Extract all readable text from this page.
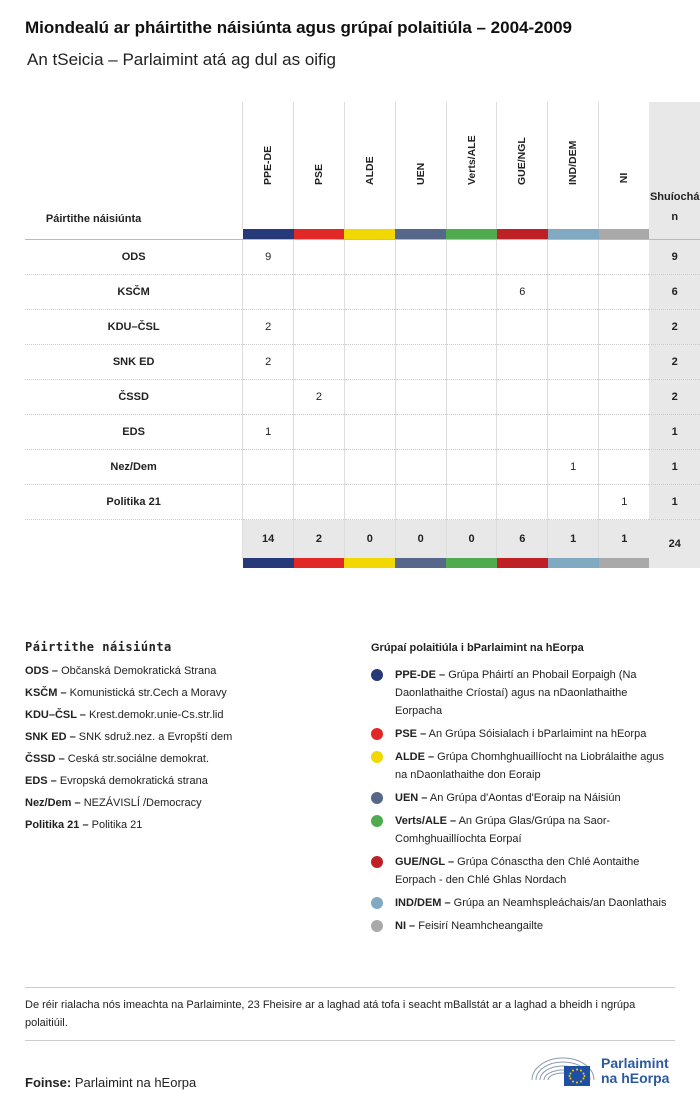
Miondealú ar pháirtithe náisiúnta agus grúpaí polaitiúla – 2004-2009
An tSeicia – Parlaimint atá ag dul as oifig
Páirtithe náisiúnta	PPE-DE	PSE	ALDE	UEN	Verts/ALE	GUE/NGL	IND/DEM	NI	Shuíochán

ODS	9								9
KSČM						6			6
KDU–ČSL	2								2
SNK ED	2								2
ČSSD		2							2
EDS	1								1
Nez/Dem							1		1
Politika 21								1	1
	14	2	0	0	0	6	1	1	24

Páirtithe náisiúnta
ODS – Občanská Demokratická Strana
KSČM – Komunistická str.Cech a Moravy
KDU–ČSL – Krest.demokr.unie-Cs.str.lid
SNK ED – SNK sdruž.nez. a Evropští dem
ČSSD – Ceská str.sociálne demokrat.
EDS – Evropská demokratická strana
Nez/Dem – NEZÁVISLÍ /Democracy
Politika 21 – Politika 21
Grúpaí polaitiúla i bParlaimint na hEorpa
PPE-DE – Grúpa Pháirtí an Phobail Eorpaigh (Na Daonlathaithe Críostaí) agus na nDaonlathaithe Eorpacha
PSE – An Grúpa Sóisialach i bParlaimint na hEorpa
ALDE – Grúpa Chomhghuaillíocht na Liobrálaithe agus na nDaonlathaithe don Eoraip
UEN – An Grúpa d'Aontas d'Eoraip na Náisiún
Verts/ALE – An Grúpa Glas/Grúpa na Saor-Comhghuaillíochta Eorpaí
GUE/NGL – Grúpa Cónasctha den Chlé Aontaithe Eorpach - den Chlé Ghlas Nordach
IND/DEM – Grúpa an Neamhspleáchais/an Daonlathais
NI – Feisirí Neamhcheangailte
De réir rialacha nós imeachta na Parlaiminte, 23 Fheisire ar a laghad atá tofa i seacht mBallstát ar a laghad a bheidh i ngrúpa polaitiúil.
Foinse: Parlaimint na hEorpa
Parlaimint
na hEorpa
